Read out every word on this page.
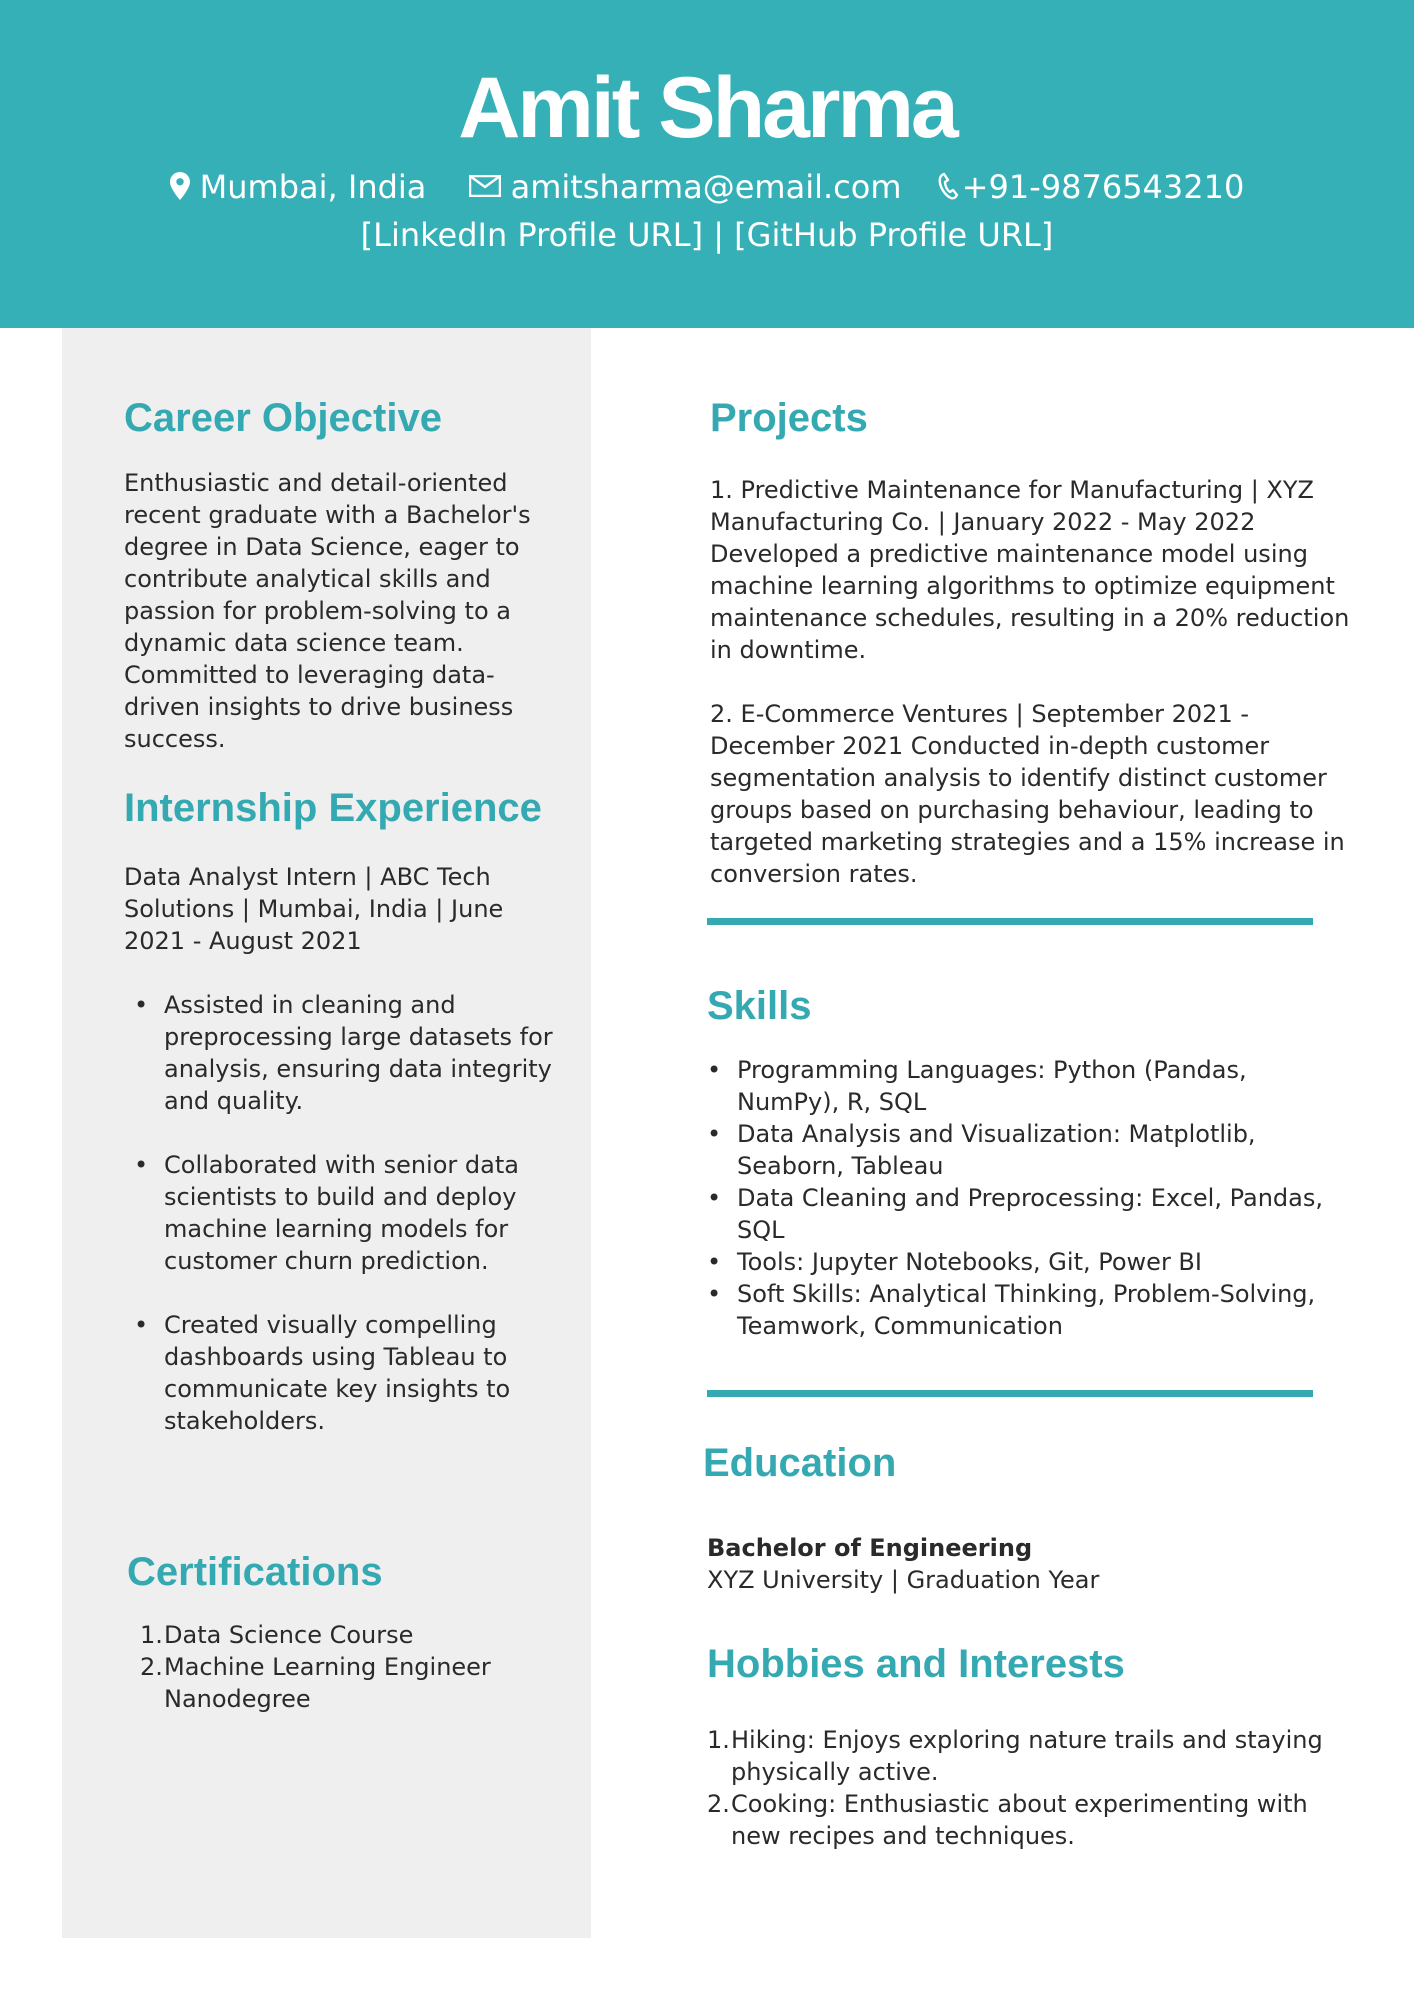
Amit Sharma
Mumbai, India	amitsharma@email.com +91-9876543210
[LinkedIn Profile URL] | [GitHub Profile URL]
Career Objective

Enthusiastic and detail-oriented recent graduate with a Bachelor's degree in Data Science, eager to contribute analytical skills and passion for problem-solving to a dynamic data science team. Committed to leveraging data-driven insights to drive business success.

Internship Experience

Data Analyst Intern | ABC Tech Solutions | Mumbai, India | June 2021 - August 2021

• Assisted in cleaning and preprocessing large datasets for analysis, ensuring data integrity and quality.
• Collaborated with senior data scientists to build and deploy machine learning models for customer churn prediction.
• Created visually compelling dashboards using Tableau to communicate key insights to stakeholders.
Certifications
1. Data Science Course
2. Machine Learning Engineer Nanodegree
Projects

1. Predictive Maintenance for Manufacturing | XYZ Manufacturing Co. | January 2022 - May 2022 Developed a predictive maintenance model using machine learning algorithms to optimize equipment maintenance schedules, resulting in a 20% reduction in downtime.

2. E-Commerce Ventures | September 2021 - December 2021 Conducted in-depth customer segmentation analysis to identify distinct customer groups based on purchasing behaviour, leading to targeted marketing strategies and a 15% increase in conversion rates.

Skills
• Programming Languages: Python (Pandas, NumPy), R, SQL
• Data Analysis and Visualization: Matplotlib, Seaborn, Tableau
• Data Cleaning and Preprocessing: Excel, Pandas, SQL
• Tools: Jupyter Notebooks, Git, Power BI
• Soft Skills: Analytical Thinking, Problem-Solving, Teamwork, Communication
Education

Bachelor of Engineering

XYZ University | Graduation Year

Hobbies and Interests
1. Hiking: Enjoys exploring nature trails and staying physically active.
2. Cooking: Enthusiastic about experimenting with new recipes and techniques.
